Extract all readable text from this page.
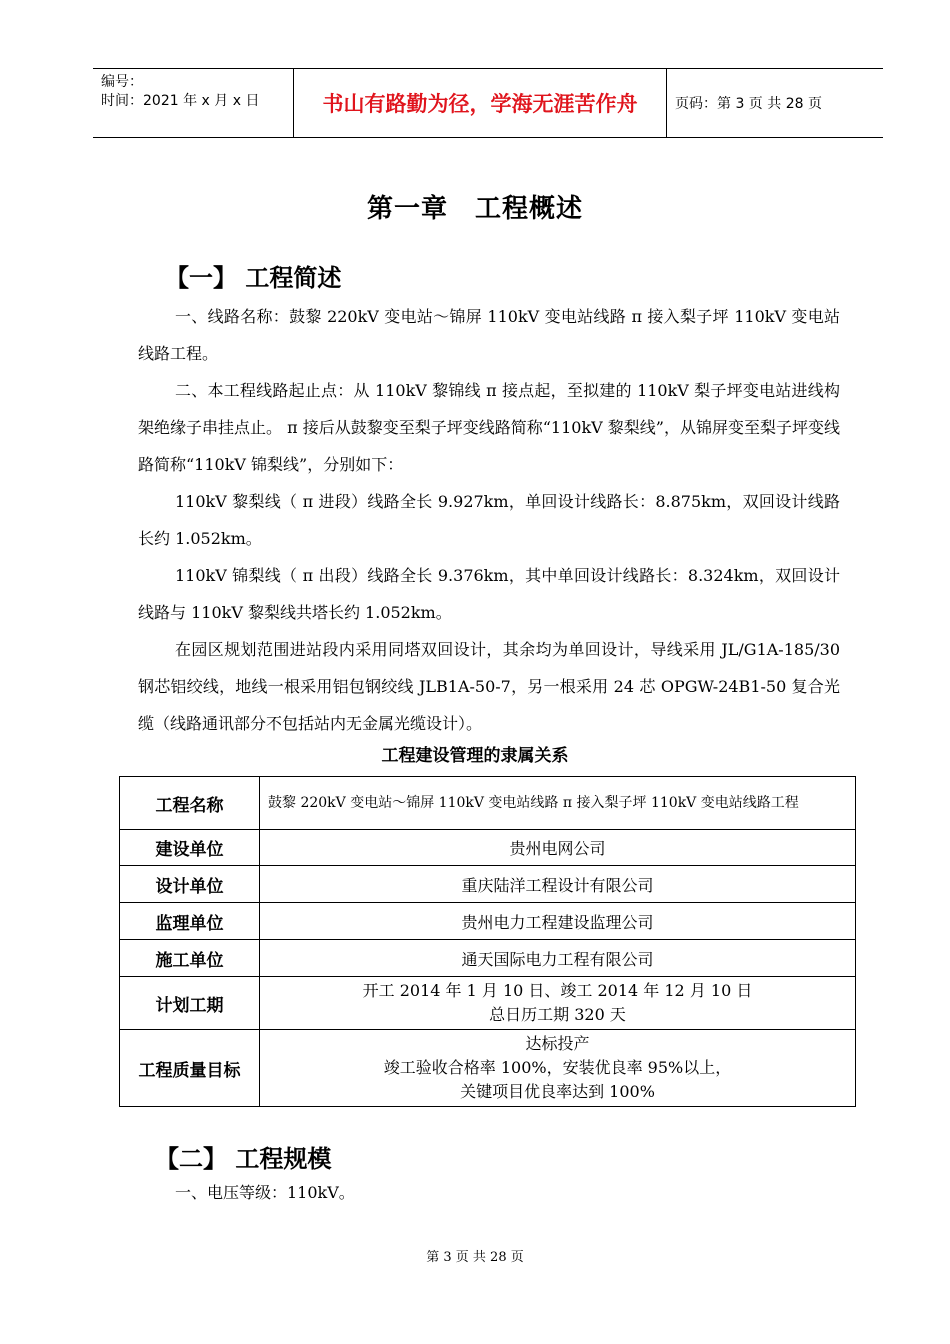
编号：
时间：2021 年 x 月 x 日	书山有路勤为径，学海无涯苦作舟	页码：第 3 页 共 28 页
第一章　工程概述
【一】 工程简述

一、线路名称：鼓黎 220kV 变电站～锦屏 110kV 变电站线路 π 接入梨子坪 110kV 变电站线路工程。

二、本工程线路起止点：从 110kV 黎锦线 π 接点起，至拟建的 110kV 梨子坪变电站进线构架绝缘子串挂点止。 π 接后从鼓黎变至梨子坪变线路简称“110kV 黎梨线”，从锦屏变至梨子坪变线路简称“110kV 锦梨线”，分别如下：

110kV 黎梨线（ π 进段）线路全长 9.927km，单回设计线路长：8.875km，双回设计线路长约 1.052km。

110kV 锦梨线（ π 出段）线路全长 9.376km，其中单回设计线路长：8.324km，双回设计线路与 110kV 黎梨线共塔长约 1.052km。

在园区规划范围进站段内采用同塔双回设计，其余均为单回设计，导线采用 JL/G1A-185/30 钢芯铝绞线，地线一根采用铝包钢绞线 JLB1A-50-7，另一根采用 24 芯 OPGW-24B1-50 复合光缆（线路通讯部分不包括站内无金属光缆设计）。

工程建设管理的隶属关系
工程名称	鼓黎 220kV 变电站～锦屏 110kV 变电站线路 π 接入梨子坪 110kV 变电站线路工程
建设单位	贵州电网公司
设计单位	重庆陆洋工程设计有限公司
监理单位	贵州电力工程建设监理公司
施工单位	通天国际电力工程有限公司
计划工期	开工 2014 年 1 月 10 日、竣工 2014 年 12 月 10 日
总日历工期 320 天

工程质量目标	达标投产
竣工验收合格率 100%，安装优良率 95%以上，
关键项目优良率达到 100%
【二】 工程规模

一、电压等级：110kV。

第 3 页 共 28 页
